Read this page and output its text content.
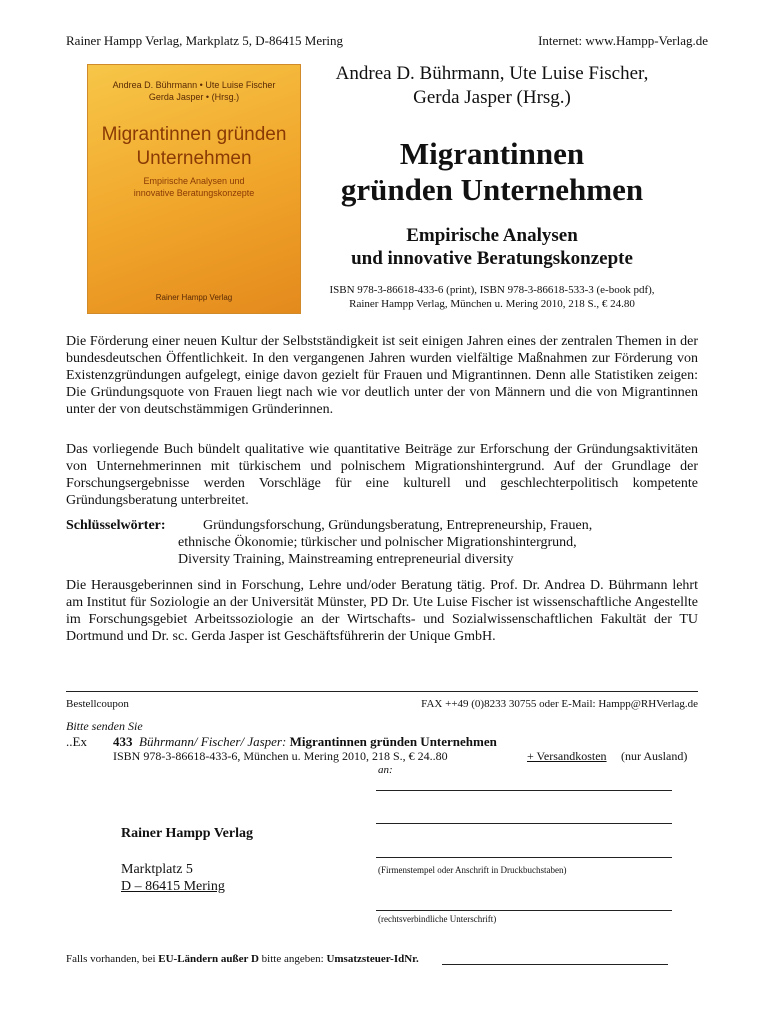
Rainer Hampp Verlag, Markplatz 5, D-86415 Mering	Internet: www.Hampp-Verlag.de
Andrea D. Bührmann • Ute Luise Fischer
Gerda Jasper • (Hrsg.)
Migrantinnen gründen
Unternehmen
Empirische Analysen und
innovative Beratungskonzepte
Rainer Hampp Verlag
Andrea D. Bührmann, Ute Luise Fischer,
Gerda Jasper (Hrsg.)
Migrantinnen
gründen Unternehmen
Empirische Analysen
und innovative Beratungskonzepte
ISBN 978-3-86618-433-6 (print), ISBN 978-3-86618-533-3 (e-book pdf),
Rainer Hampp Verlag, München u. Mering 2010, 218 S., € 24.80

Die Förderung einer neuen Kultur der Selbstständigkeit ist seit einigen Jahren eines der zentralen Themen in der bundesdeutschen Öffentlichkeit. In den vergangenen Jahren wurden vielfältige Maßnahmen zur Förderung von Existenzgründungen aufgelegt, einige davon gezielt für Frauen und Migrantinnen. Denn alle Statistiken zeigen: Die Gründungsquote von Frauen liegt nach wie vor deutlich unter der von Männern und die von Migrantinnen unter der von deutschstämmigen Gründerinnen.

Das vorliegende Buch bündelt qualitative wie quantitative Beiträge zur Erforschung der Gründungsaktivitäten von Unternehmerinnen mit türkischem und polnischem Migrationshintergrund. Auf der Grundlage der Forschungsergebnisse werden Vorschläge für eine kulturell und geschlechterpolitisch kompetente Gründungsberatung unterbreitet.

Schlüsselwörter:	Gründungsforschung, Gründungsberatung, Entrepreneurship, Frauen,
ethnische Ökonomie; türkischer und polnischer Migrationshintergrund,
Diversity Training, Mainstreaming entrepreneurial diversity

Die Herausgeberinnen sind in Forschung, Lehre und/oder Beratung tätig. Prof. Dr. Andrea D. Bührmann lehrt am Institut für Soziologie an der Universität Münster, PD Dr. Ute Luise Fischer ist wissenschaftliche Angestellte im Forschungsgebiet Arbeitssoziologie an der Wirtschafts- und Sozialwissenschaftlichen Fakultät der TU Dortmund und Dr. sc. Gerda Jasper ist Geschäftsführerin der Unique GmbH.

Bestellcoupon	FAX ++49 (0)8233 30755 oder E-Mail: Hampp@RHVerlag.de
Bitte senden Sie
..Ex 433 Bührmann/ Fischer/ Jasper: Migrantinnen gründen Unternehmen
ISBN 978-3-86618-433-6, München u. Mering 2010, 218 S., € 24..80	+ Versandkosten (nur Ausland)
an:
(Firmenstempel oder Anschrift in Druckbuchstaben)
Rainer Hampp Verlag
Marktplatz 5
D – 86415 Mering
(rechtsverbindliche Unterschrift)
Falls vorhanden, bei EU-Ländern außer D bitte angeben: Umsatzsteuer-IdNr.
